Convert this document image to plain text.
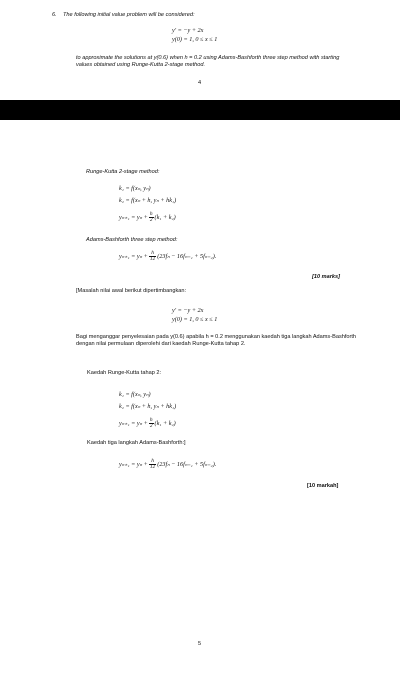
6. The following initial value problem will be considered:
y′ = −y + 2x
y(0) = 1, 0 ≤ x ≤ 1
to approximate the solutions at y(0.6) when h = 0.2 using Adams-Bashforth three step method with starting values obtained using Runge-Kutta 2-stage method.
4
Runge-Kutta 2-stage method:
k₁ = f(xₙ, yₙ)
k₂ = f(xₙ + h, yₙ + hk₁)
$y_{n+1} = y_n + \frac{h}{2} (k_1 + k_2)$
Adams-Bashforth three step method:
$y_{n+1} = y_n + \frac{h}{12} (23f_n - 16f_{n-1} + 5f_{n-2})$.
[10 marks]
[Masalah nilai awal berikut dipertimbangkan:
y′ = −y + 2x
y(0) = 1, 0 ≤ x ≤ 1
Bagi menganggar penyelesaian pada y(0.6) apabila h = 0.2 menggunakan kaedah tiga langkah Adams-Bashforth dengan nilai permulaan diperolehi dari kaedah Runge-Kutta tahap 2.
Kaedah Runge-Kutta tahap 2:
k₁ = f(xₙ, yₙ)
k₂ = f(xₙ + h, yₙ + hk₁)
$y_{n+1} = y_n + \frac{h}{2} (k_1 + k_2)$
Kaedah tiga langkah Adams-Bashforth:]
$y_{n+1} = y_n + \frac{h}{12} (23f_n - 16f_{n-1} + 5f_{n-2})$.
[10 markah]
5
